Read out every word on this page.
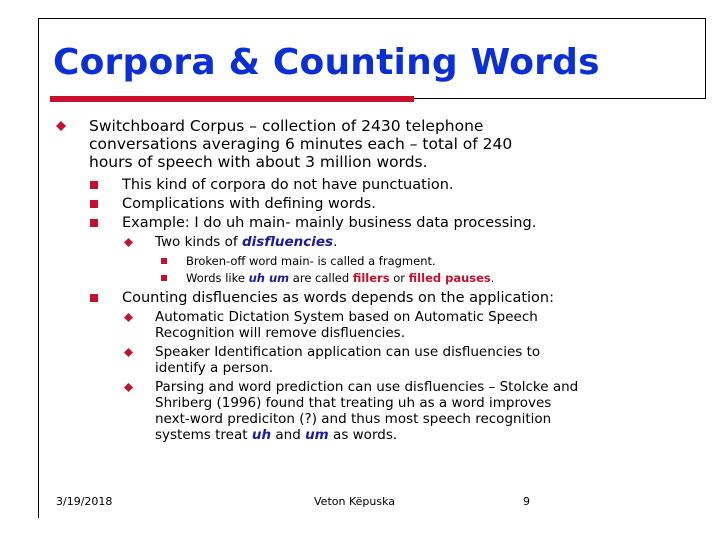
Corpora & Counting Words
Switchboard Corpus – collection of 2430 telephone
conversations averaging 6 minutes each – total of 240
hours of speech with about 3 million words.
This kind of corpora do not have punctuation.
Complications with defining words.
Example: I do uh main- mainly business data processing.
Two kinds of disfluencies.
Broken-off word main- is called a fragment.
Words like uh um are called fillers or filled pauses.
Counting disfluencies as words depends on the application:
Automatic Dictation System based on Automatic Speech
Recognition will remove disfluencies.
Speaker Identification application can use disfluencies to
identify a person.
Parsing and word prediction can use disfluencies – Stolcke and
Shriberg (1996) found that treating uh as a word improves
next-word prediciton (?) and thus most speech recognition
systems treat uh and um as words.
3/19/2018	Veton Këpuska	9
